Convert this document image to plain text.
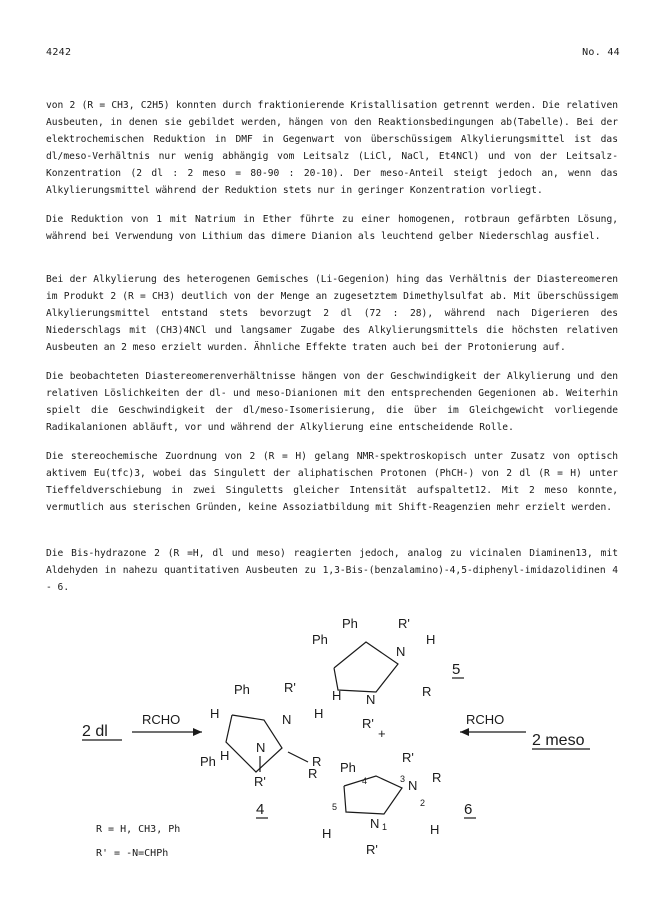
4242	No. 44

von 2 (R = CH3, C2H5) konnten durch fraktionierende Kristallisation getrennt werden. Die relativen Ausbeuten, in denen sie gebildet werden, hängen von den Reaktionsbedingungen ab(Tabelle). Bei der elektrochemischen Reduktion in DMF in Gegenwart von überschüssigem Alkylierungsmittel ist das dl/meso-Verhältnis nur wenig abhängig vom Leitsalz (LiCl, NaCl, Et4NCl) und von der Leitsalz-Konzentration (2 dl : 2 meso = 80-90 : 20-10). Der meso-Anteil steigt jedoch an, wenn das Alkylierungsmittel während der Reduktion stets nur in geringer Konzentration vorliegt.

Die Reduktion von 1 mit Natrium in Ether führte zu einer homogenen, rotbraun gefärbten Lösung, während bei Verwendung von Lithium das dimere Dianion als leuchtend gelber Niederschlag ausfiel.

Bei der Alkylierung des heterogenen Gemisches (Li-Gegenion) hing das Verhältnis der Diastereomeren im Produkt 2 (R = CH3) deutlich von der Menge an zugesetztem Dimethylsulfat ab. Mit überschüssigem Alkylierungsmittel entstand stets bevorzugt 2 dl (72 : 28), während nach Digerieren des Niederschlags mit (CH3)4NCl und langsamer Zugabe des Alkylierungsmittels die höchsten relativen Ausbeuten an 2 meso erzielt wurden. Ähnliche Effekte traten auch bei der Protonierung auf.

Die beobachteten Diastereomerenverhältnisse hängen von der Geschwindigkeit der Alkylierung und den relativen Löslichkeiten der dl- und meso-Dianionen mit den entsprechenden Gegenionen ab. Weiterhin spielt die Geschwindigkeit der dl/meso-Isomerisierung, die über im Gleichgewicht vorliegende Radikalanionen abläuft, vor und während der Alkylierung eine entscheidende Rolle.

Die stereochemische Zuordnung von 2 (R = H) gelang NMR-spektroskopisch unter Zusatz von optisch aktivem Eu(tfc)3, wobei das Singulett der aliphatischen Protonen (PhCH-) von 2 dl (R = H) unter Tieffeldverschiebung in zwei Singuletts gleicher Intensität aufspaltet12. Mit 2 meso konnte, vermutlich aus sterischen Gründen, keine Assoziatbildung mit Shift-Reagenzien mehr erzielt werden.

Die Bis-hydrazone 2 (R =H, dl und meso) reagierten jedoch, analog zu vicinalen Diaminen13, mit Aldehyden in nahezu quantitativen Ausbeuten zu 1,3-Bis-(benzalamino)-4,5-diphenyl-imidazolidinen 4 - 6.

2 dl
RCHO
Ph
H
R'
N H
N
Ph H
R'
R
4
Ph
Ph
R'
N
H
R
H N
R'
5
+
R Ph
R'
4	3 N
R
2
5
H
N 1	H
R'
6
RCHO
2 meso
R = H, CH3, Ph
R' = -N=CHPh
